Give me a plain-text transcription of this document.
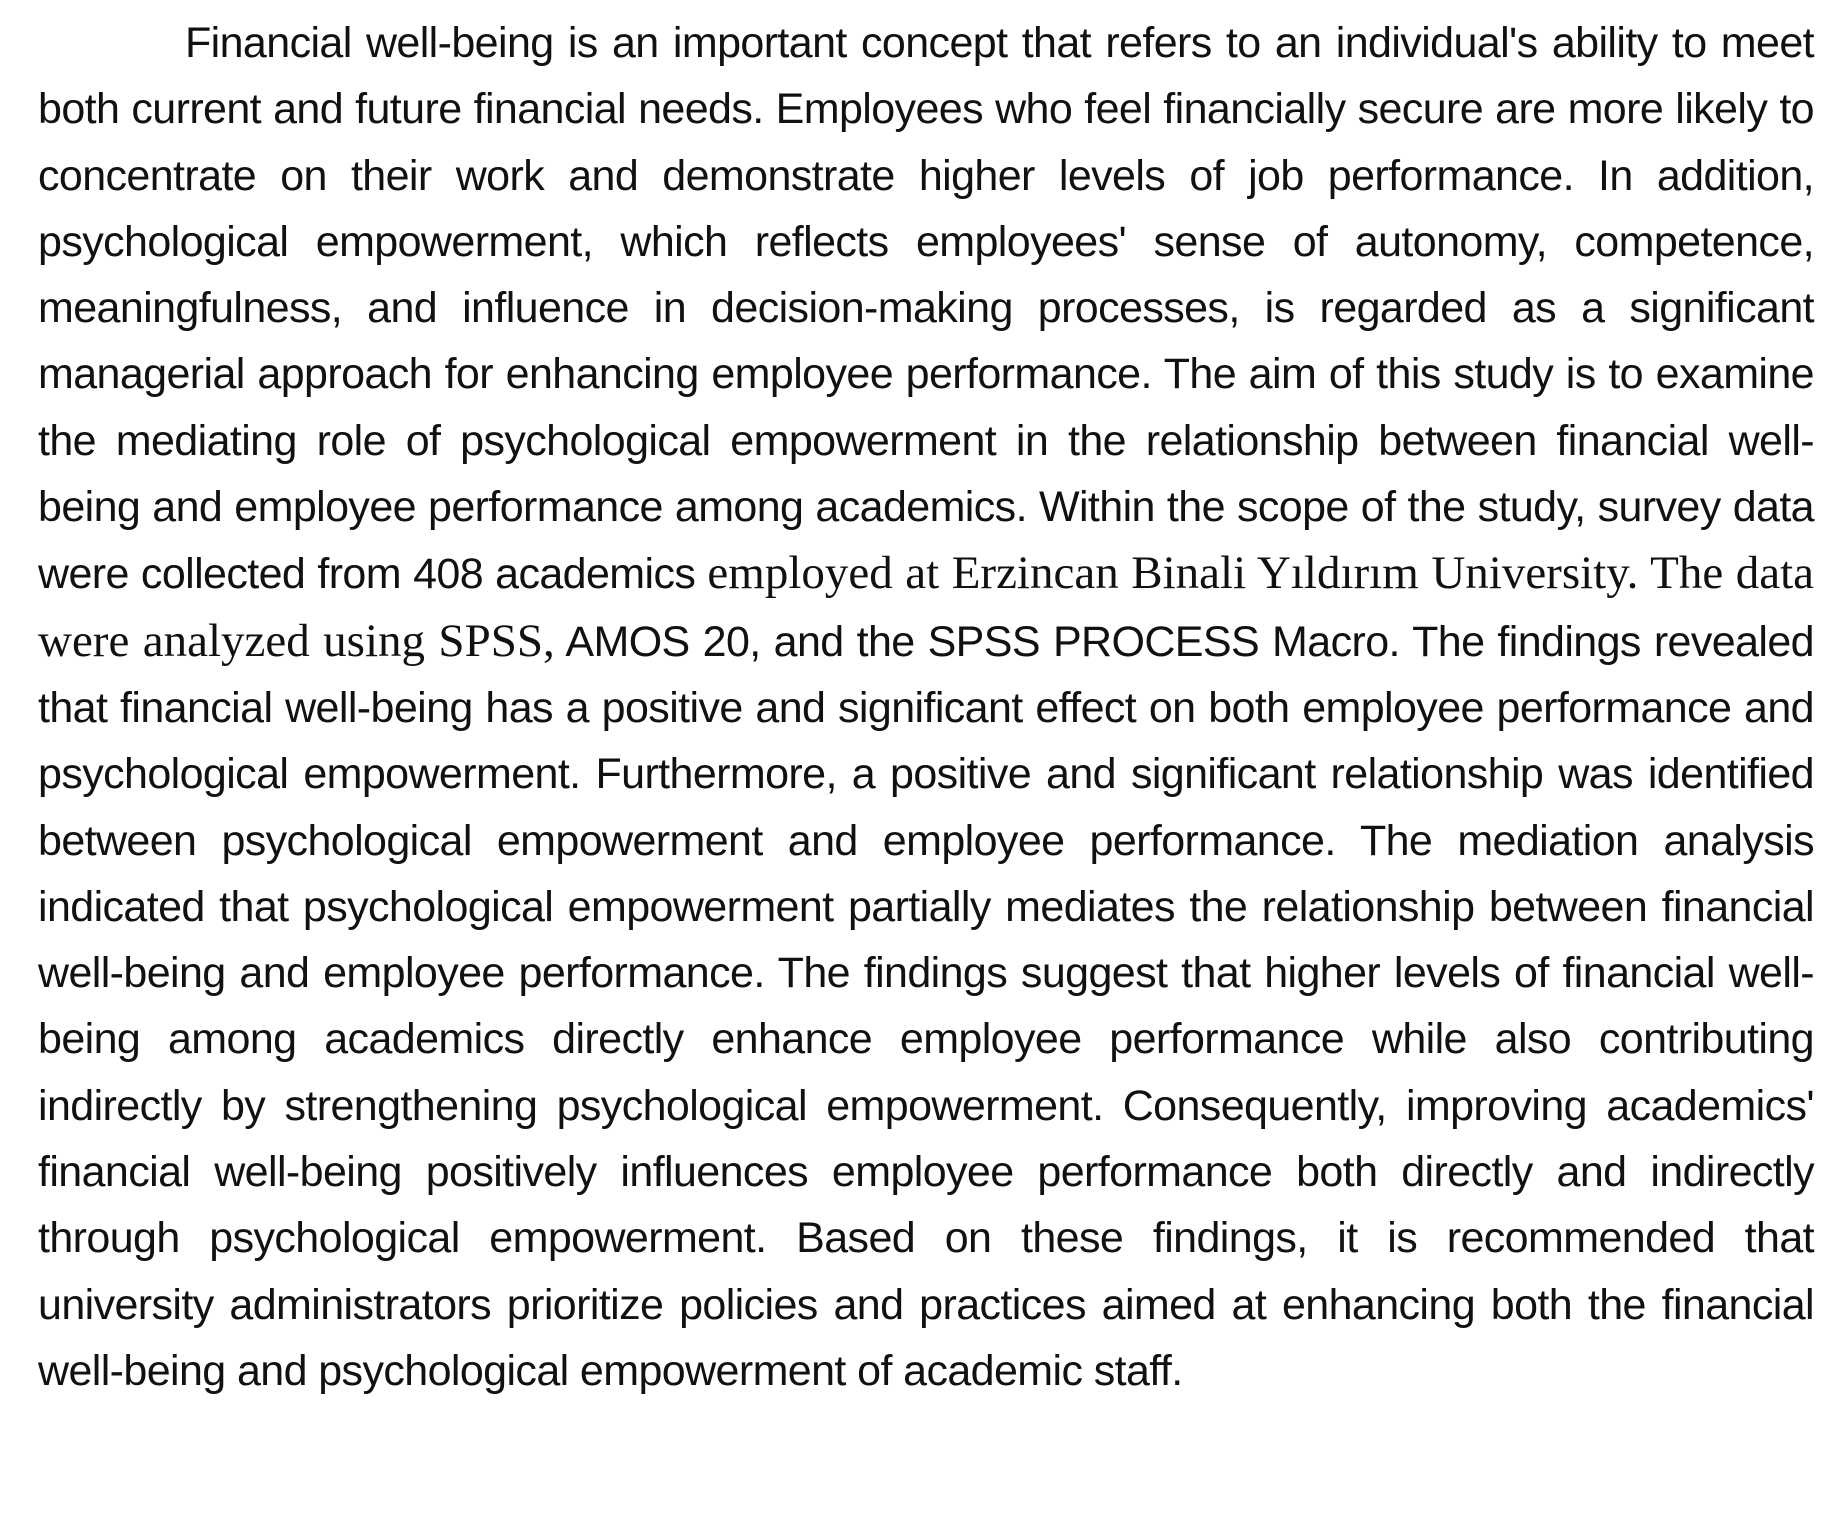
Financial well-being is an important concept that refers to an individual's ability to meet both current and future financial needs. Employees who feel financially secure are more likely to concentrate on their work and demonstrate higher levels of job performance. In addition, psychological empowerment, which reflects employees' sense of autonomy, competence, meaningfulness, and influence in decision-making processes, is regarded as a significant managerial approach for enhancing employee performance. The aim of this study is to examine the mediating role of psychological empowerment in the relationship between financial well-being and employee performance among academics. Within the scope of the study, survey data were collected from 408 academics employed at Erzincan Binali Yıldırım University. The data were analyzed using SPSS, AMOS 20, and the SPSS PROCESS Macro. The findings revealed that financial well-being has a positive and significant effect on both employee performance and psychological empowerment. Furthermore, a positive and significant relationship was identified between psychological empowerment and employee performance. The mediation analysis indicated that psychological empowerment partially mediates the relationship between financial well-being and employee performance. The findings suggest that higher levels of financial well-being among academics directly enhance employee performance while also contributing indirectly by strengthening psychological empowerment. Consequently, improving academics' financial well-being positively influences employee performance both directly and indirectly through psychological empowerment. Based on these findings, it is recommended that university administrators prioritize policies and practices aimed at enhancing both the financial well-being and psychological empowerment of academic staff.
